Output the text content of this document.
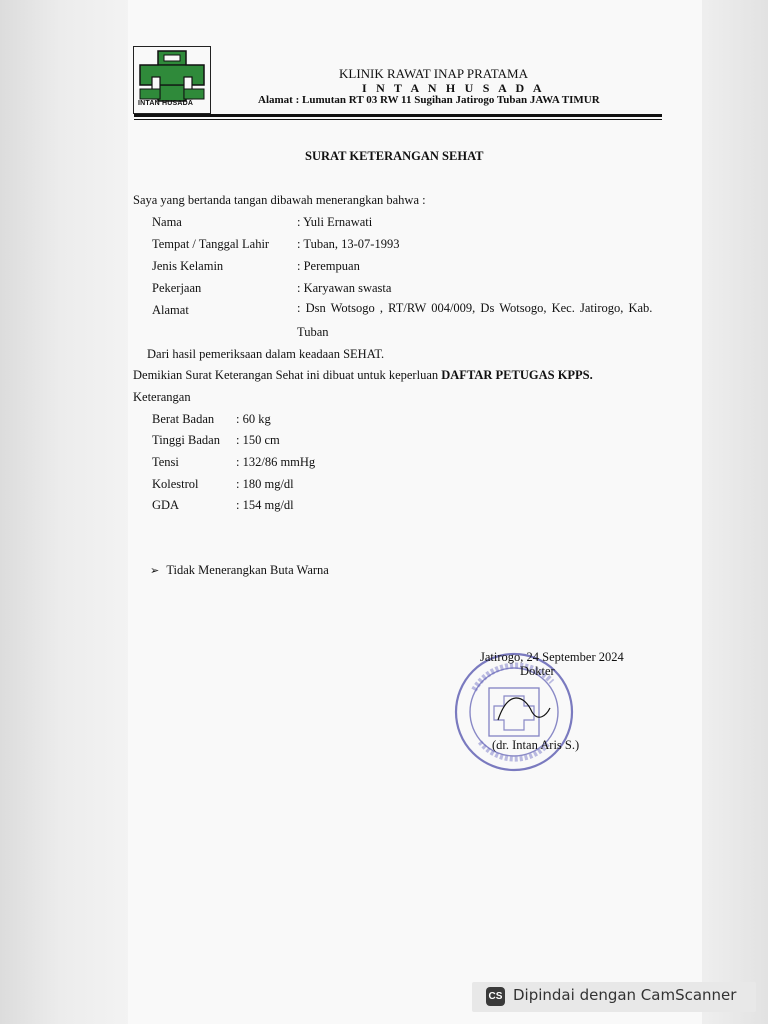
INTAN HUSADA
KLINIK RAWAT INAP PRATAMA
I N T A N H U S A D A
Alamat : Lumutan RT 03 RW 11 Sugihan Jatirogo Tuban JAWA TIMUR
SURAT KETERANGAN SEHAT
Saya yang bertanda tangan dibawah menerangkan bahwa :
Nama	: Yuli Ernawati
Tempat / Tanggal Lahir : Tuban, 13-07-1993
Jenis Kelamin	: Perempuan
Pekerjaan	: Karyawan swasta
Alamat	: Dsn Wotsogo , RT/RW 004/009, Ds Wotsogo, Kec. Jatirogo, Kab.
Tuban
Dari hasil pemeriksaan dalam keadaan SEHAT.
Demikian Surat Keterangan Sehat ini dibuat untuk keperluan DAFTAR PETUGAS KPPS.
Keterangan
Berat Badan : 60 kg
Tinggi Badan : 150 cm
Tensi	: 132/86 mmHg
Kolestrol	: 180 mg/dl
GDA	: 154 mg/dl
➢ Tidak Menerangkan Buta Warna
Jatirogo, 24 September 2024
Dokter
(dr. Intan Aris S.)
CS Dipindai dengan CamScanner
